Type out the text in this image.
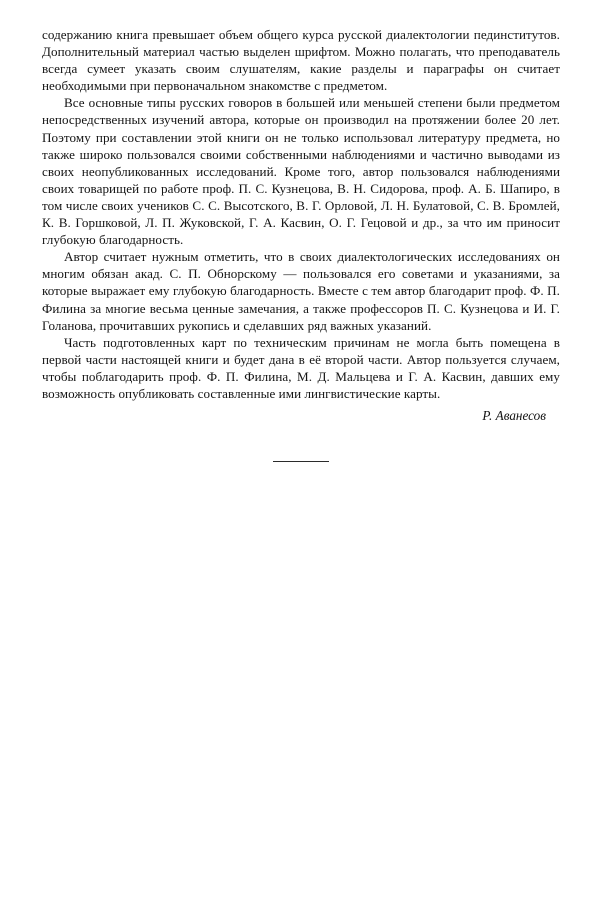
содержанию книга превышает объем общего курса русской диалектологии пединститутов. Дополнительный материал частью выделен шрифтом. Можно полагать, что преподаватель всегда сумеет указать своим слушателям, какие разделы и параграфы он считает необходимыми при первоначальном знакомстве с предметом.

Все основные типы русских говоров в большей или меньшей степени были предметом непосредственных изучений автора, которые он производил на протяжении более 20 лет. Поэтому при составлении этой книги он не только использовал литературу предмета, но также широко пользовался своими собственными наблюдениями и частично выводами из своих неопубликованных исследований. Кроме того, автор пользовался наблюдениями своих товарищей по работе проф. П. С. Кузнецова, В. Н. Сидорова, проф. А. Б. Шапиро, в том числе своих учеников С. С. Высотского, В. Г. Орловой, Л. Н. Булатовой, С. В. Бромлей, К. В. Горшковой, Л. П. Жуковской, Г. А. Касвин, О. Г. Гецовой и др., за что им приносит глубокую благодарность.

Автор считает нужным отметить, что в своих диалектологических исследованиях он многим обязан акад. С. П. Обнорскому — пользовался его советами и указаниями, за которые выражает ему глубокую благодарность. Вместе с тем автор благодарит проф. Ф. П. Филина за многие весьма ценные замечания, а также профессоров П. С. Кузнецова и И. Г. Голанова, прочитавших рукопись и сделавших ряд важных указаний.

Часть подготовленных карт по техническим причинам не могла быть помещена в первой части настоящей книги и будет дана в её второй части. Автор пользуется случаем, чтобы поблагодарить проф. Ф. П. Филина, М. Д. Мальцева и Г. А. Касвин, давших ему возможность опубликовать составленные ими лингвистические карты.

Р. Аванесов
